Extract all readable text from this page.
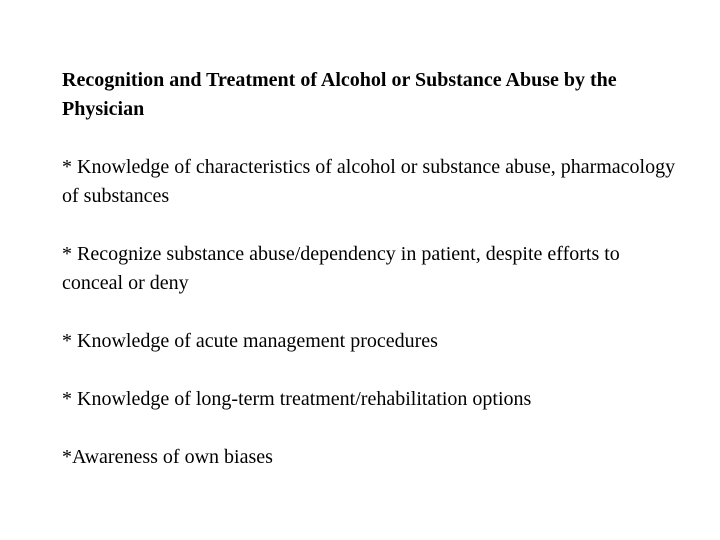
Recognition and Treatment of Alcohol or Substance Abuse by the Physician

* Knowledge of characteristics of alcohol or substance abuse, pharmacology of substances

* Recognize substance abuse/dependency in patient, despite efforts to conceal or deny

* Knowledge of acute management procedures

* Knowledge of long-term treatment/rehabilitation options

*Awareness of own biases
